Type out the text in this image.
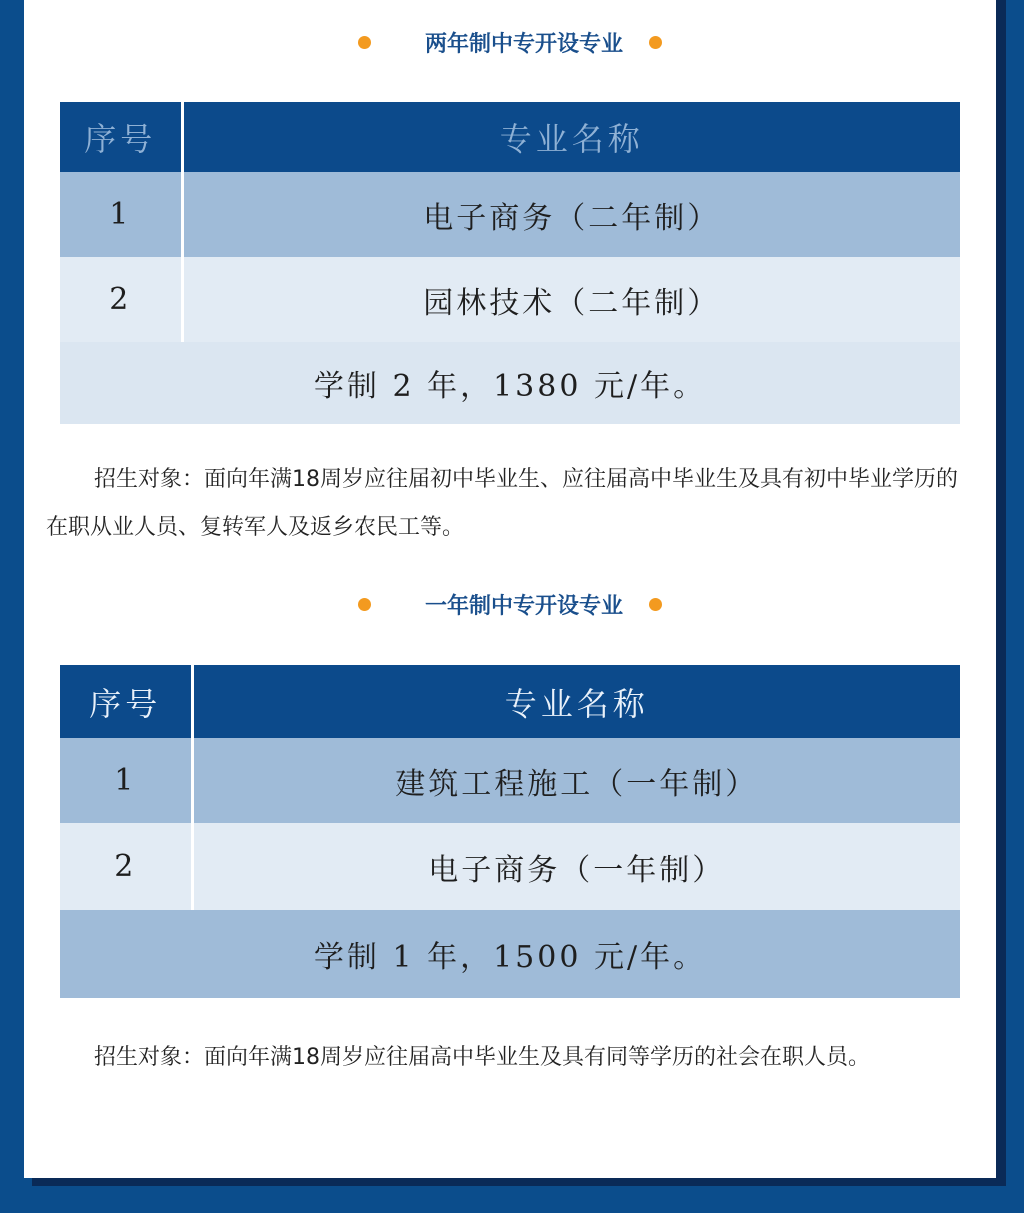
两年制中专开设专业
序号	专业名称
1	电子商务（二年制）
2	园林技术（二年制）
学制 2 年，1380 元/年。	

招生对象：面向年满18周岁应往届初中毕业生、应往届高中毕业生及具有初中毕业学历的在职从业人员、复转军人及返乡农民工等。

一年制中专开设专业
序号	专业名称
1	建筑工程施工（一年制）
2	电子商务（一年制）
学制 1 年，1500 元/年。	

招生对象：面向年满18周岁应往届高中毕业生及具有同等学历的社会在职人员。
